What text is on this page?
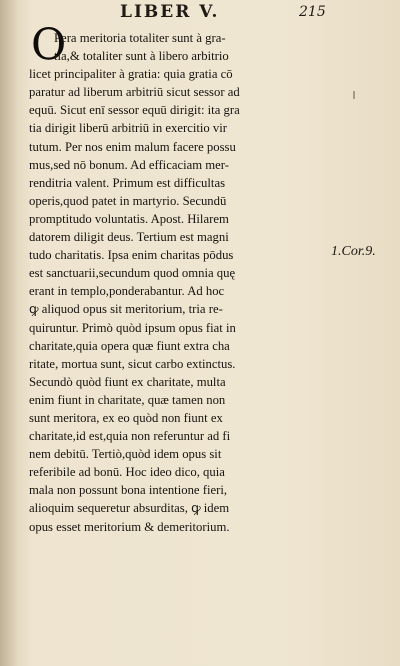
LIBER V.	215
O
Pera meritoria totaliter sunt à gra-
tia,& totaliter sunt à libero arbitrio
licet principaliter à gratia: quia gratia cō
paratur ad liberum arbitriū sicut sessor ad
equū. Sicut enī sessor equū dirigit: ita gra
tia dirigit liberū arbitriū in exercitio vir
tutum. Per nos enim malum facere possu
mus,sed nō bonum. Ad efficaciam mer-
renditria valent. Primum est difficultas
operis,quod patet in martyrio. Secundū
promptitudo voluntatis. Apost. Hilarem
datorem diligit deus. Tertium est magni
tudo charitatis. Ipsa enim charitas pōdus
est sanctuarii,secundum quod omnia quę
erant in templo,ponderabantur. Ad hoc
ꝙ aliquod opus sit meritorium, tria re-
quiruntur. Primò quòd ipsum opus fiat in
charitate,quia opera quæ fiunt extra cha
ritate, mortua sunt, sicut carbo extinctus.
Secundò quòd fiunt ex charitate, multa
enim fiunt in charitate, quæ tamen non
sunt meritora, ex eo quòd non fiunt ex
charitate,id est,quia non referuntur ad fi
nem debitū. Tertiò,quòd idem opus sit
referibile ad bonū. Hoc ideo dico, quia
mala non possunt bona intentione fieri,
alioquim sequeretur absurditas, ꝙ idem
opus esset meritorium & demeritorium.
1.Cor.9.
